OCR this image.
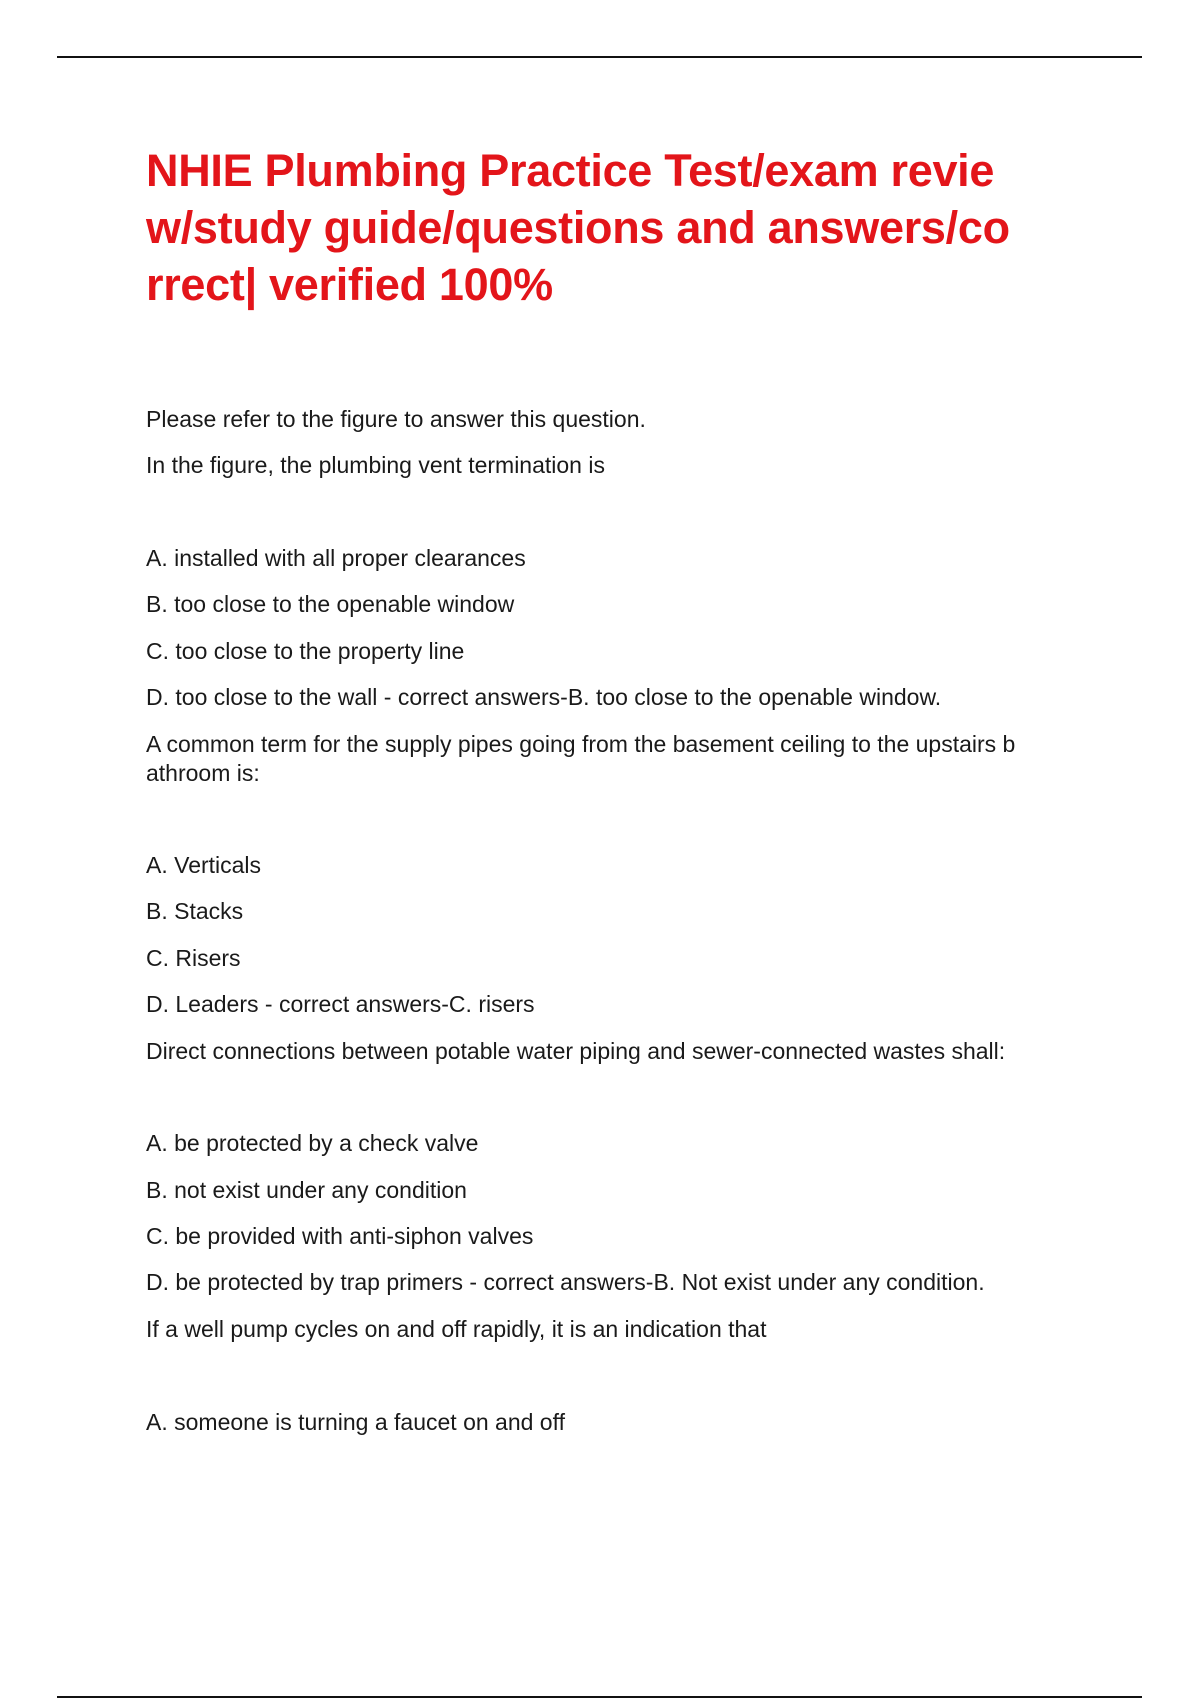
NHIE Plumbing Practice Test/exam revie
w/study guide/questions and answers/co
rrect| verified 100%

Please refer to the figure to answer this question.

In the figure, the plumbing vent termination is

A. installed with all proper clearances

B. too close to the openable window

C. too close to the property line

D. too close to the wall - correct answers-B. too close to the openable window.

A common term for the supply pipes going from the basement ceiling to the upstairs b

athroom is:

A. Verticals

B. Stacks

C. Risers

D. Leaders - correct answers-C. risers

Direct connections between potable water piping and sewer-connected wastes shall:

A. be protected by a check valve

B. not exist under any condition

C. be provided with anti-siphon valves

D. be protected by trap primers - correct answers-B. Not exist under any condition.

If a well pump cycles on and off rapidly, it is an indication that

A. someone is turning a faucet on and off
